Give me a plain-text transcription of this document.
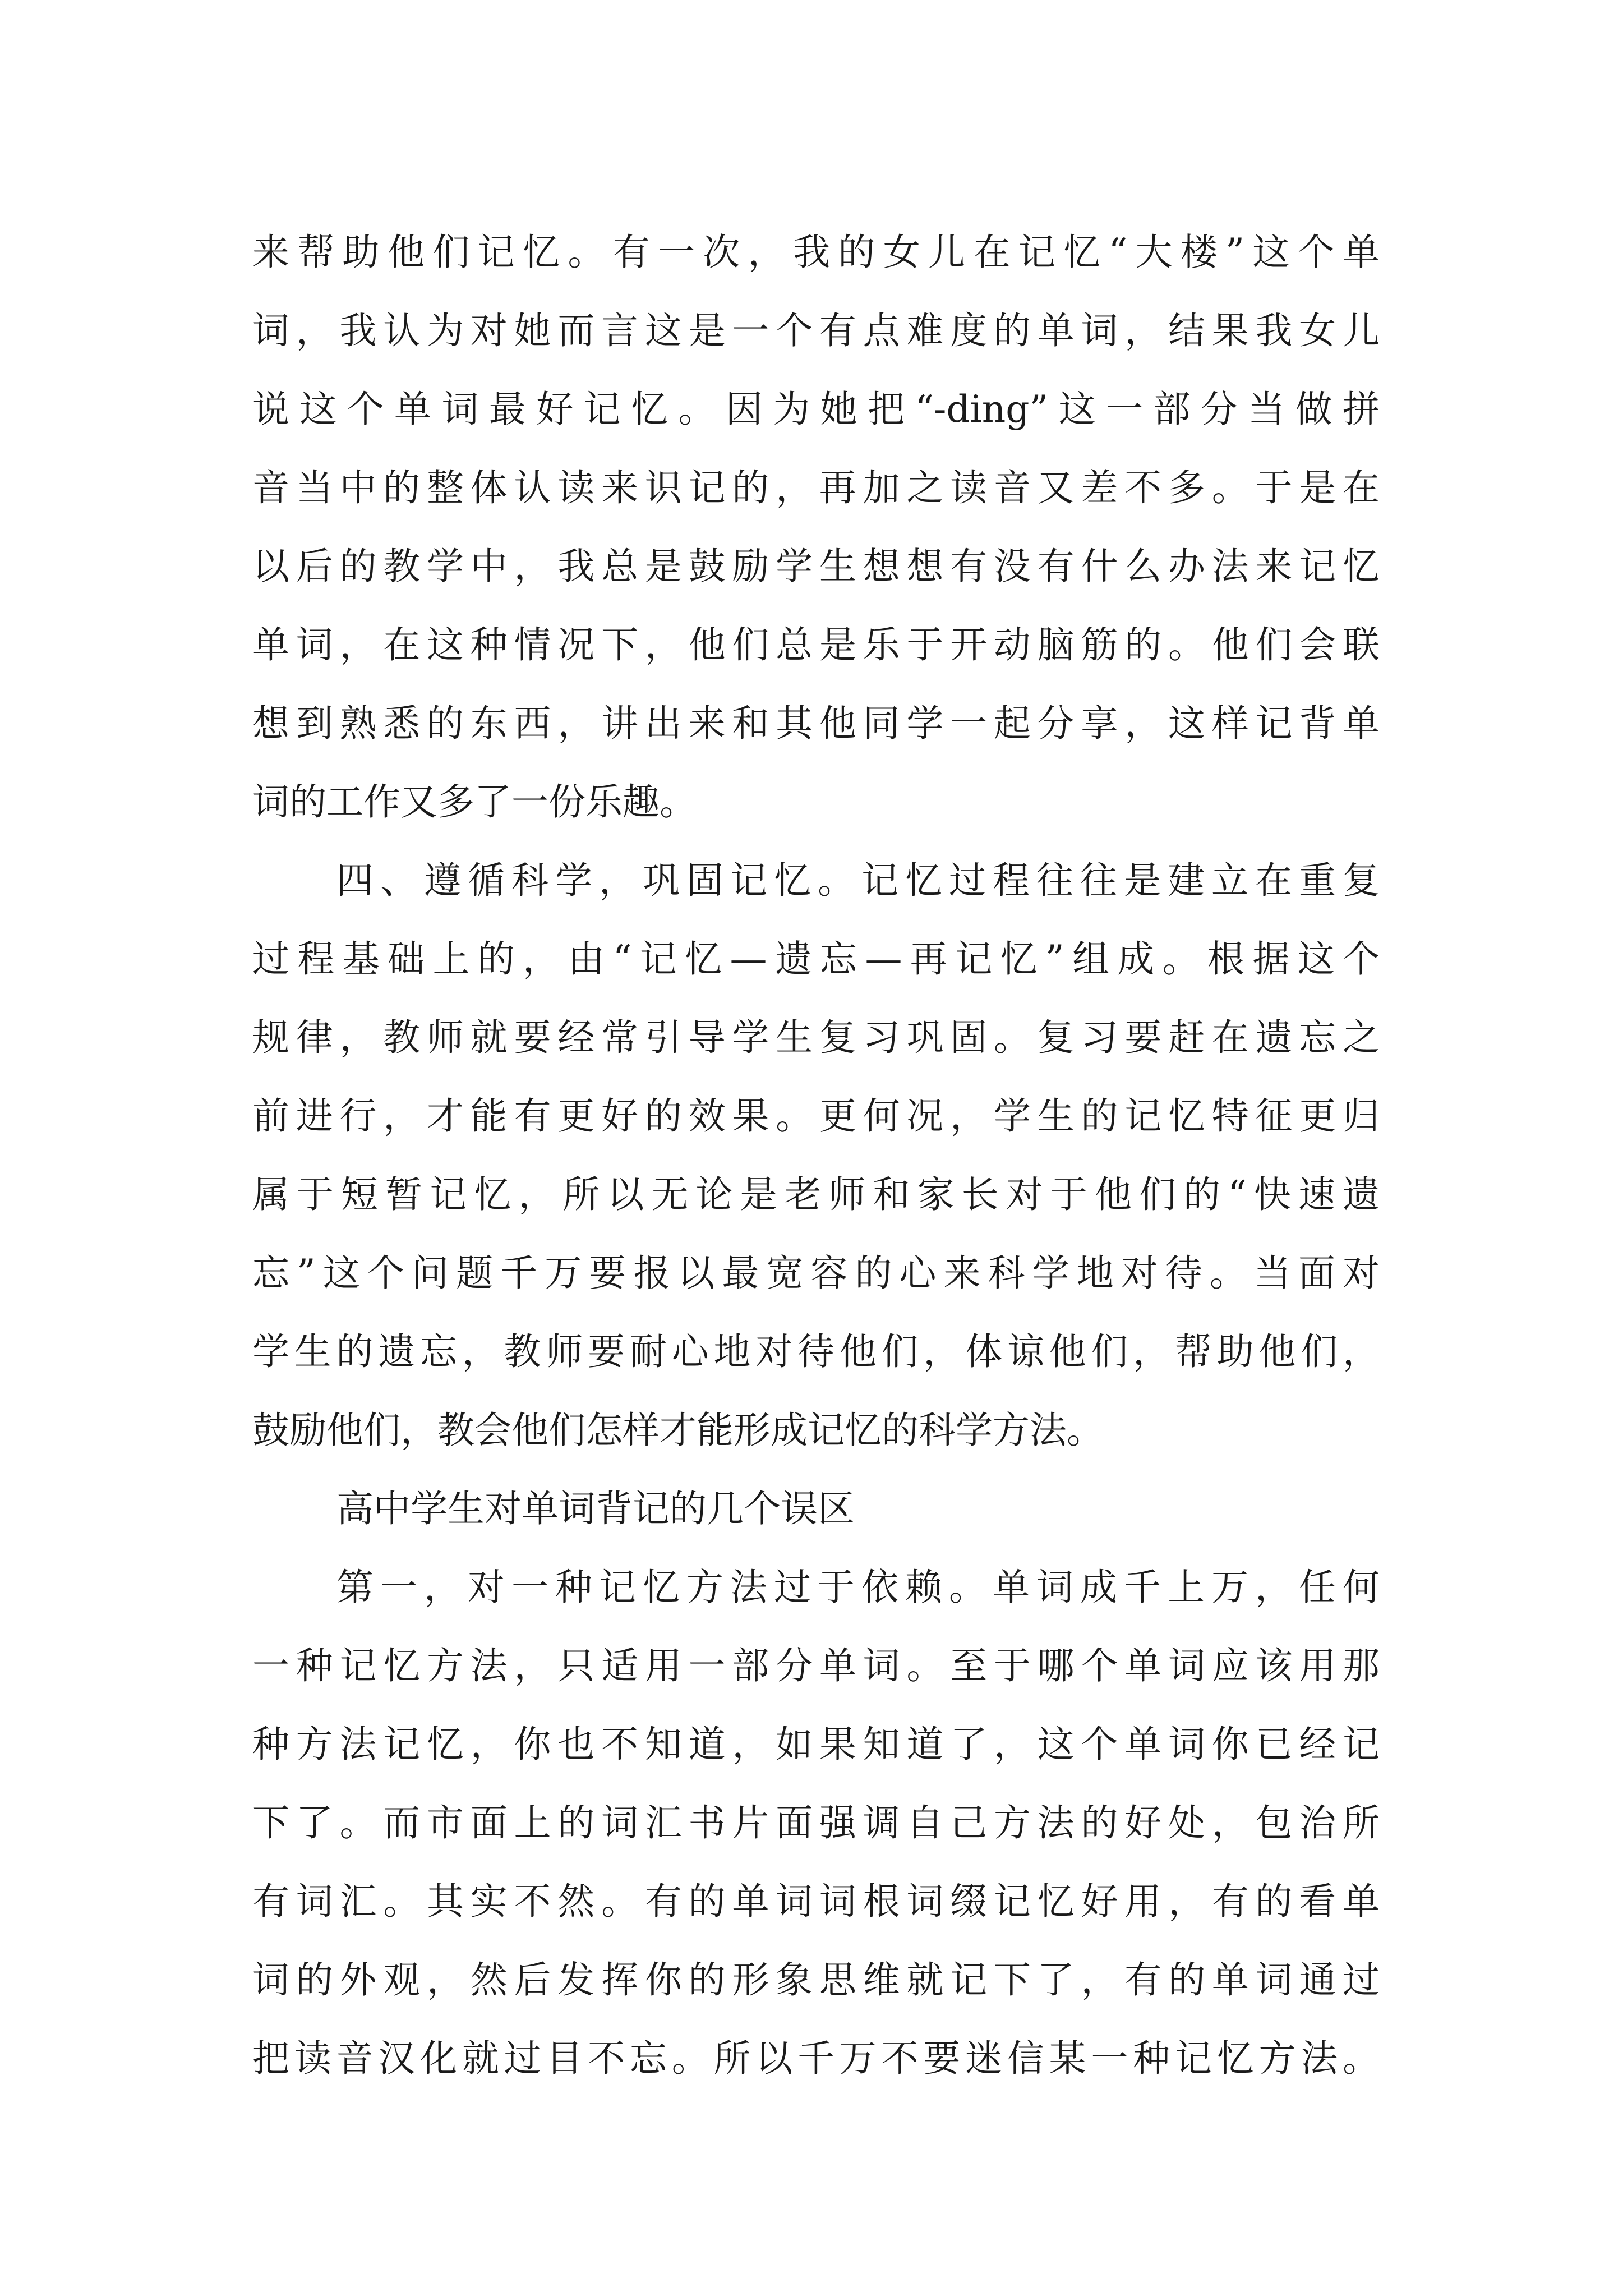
来帮助他们记忆。有一次，我的女儿在记忆“大楼”这个单
词，我认为对她而言这是一个有点难度的单词，结果我女儿
说这个单词最好记忆。因为她把“-ding”这一部分当做拼
音当中的整体认读来识记的，再加之读音又差不多。于是在
以后的教学中，我总是鼓励学生想想有没有什么办法来记忆
单词，在这种情况下，他们总是乐于开动脑筋的。他们会联
想到熟悉的东西，讲出来和其他同学一起分享，这样记背单
词的工作又多了一份乐趣。
四、遵循科学，巩固记忆。记忆过程往往是建立在重复
过程基础上的，由“记忆—遗忘—再记忆”组成。根据这个
规律，教师就要经常引导学生复习巩固。复习要赶在遗忘之
前进行，才能有更好的效果。更何况，学生的记忆特征更归
属于短暂记忆，所以无论是老师和家长对于他们的“快速遗
忘”这个问题千万要报以最宽容的心来科学地对待。当面对
学生的遗忘，教师要耐心地对待他们，体谅他们，帮助他们，
鼓励他们，教会他们怎样才能形成记忆的科学方法。
高中学生对单词背记的几个误区
第一，对一种记忆方法过于依赖。单词成千上万，任何
一种记忆方法，只适用一部分单词。至于哪个单词应该用那
种方法记忆，你也不知道，如果知道了，这个单词你已经记
下了。而市面上的词汇书片面强调自己方法的好处，包治所
有词汇。其实不然。有的单词词根词缀记忆好用，有的看单
词的外观，然后发挥你的形象思维就记下了，有的单词通过
把读音汉化就过目不忘。所以千万不要迷信某一种记忆方法。
